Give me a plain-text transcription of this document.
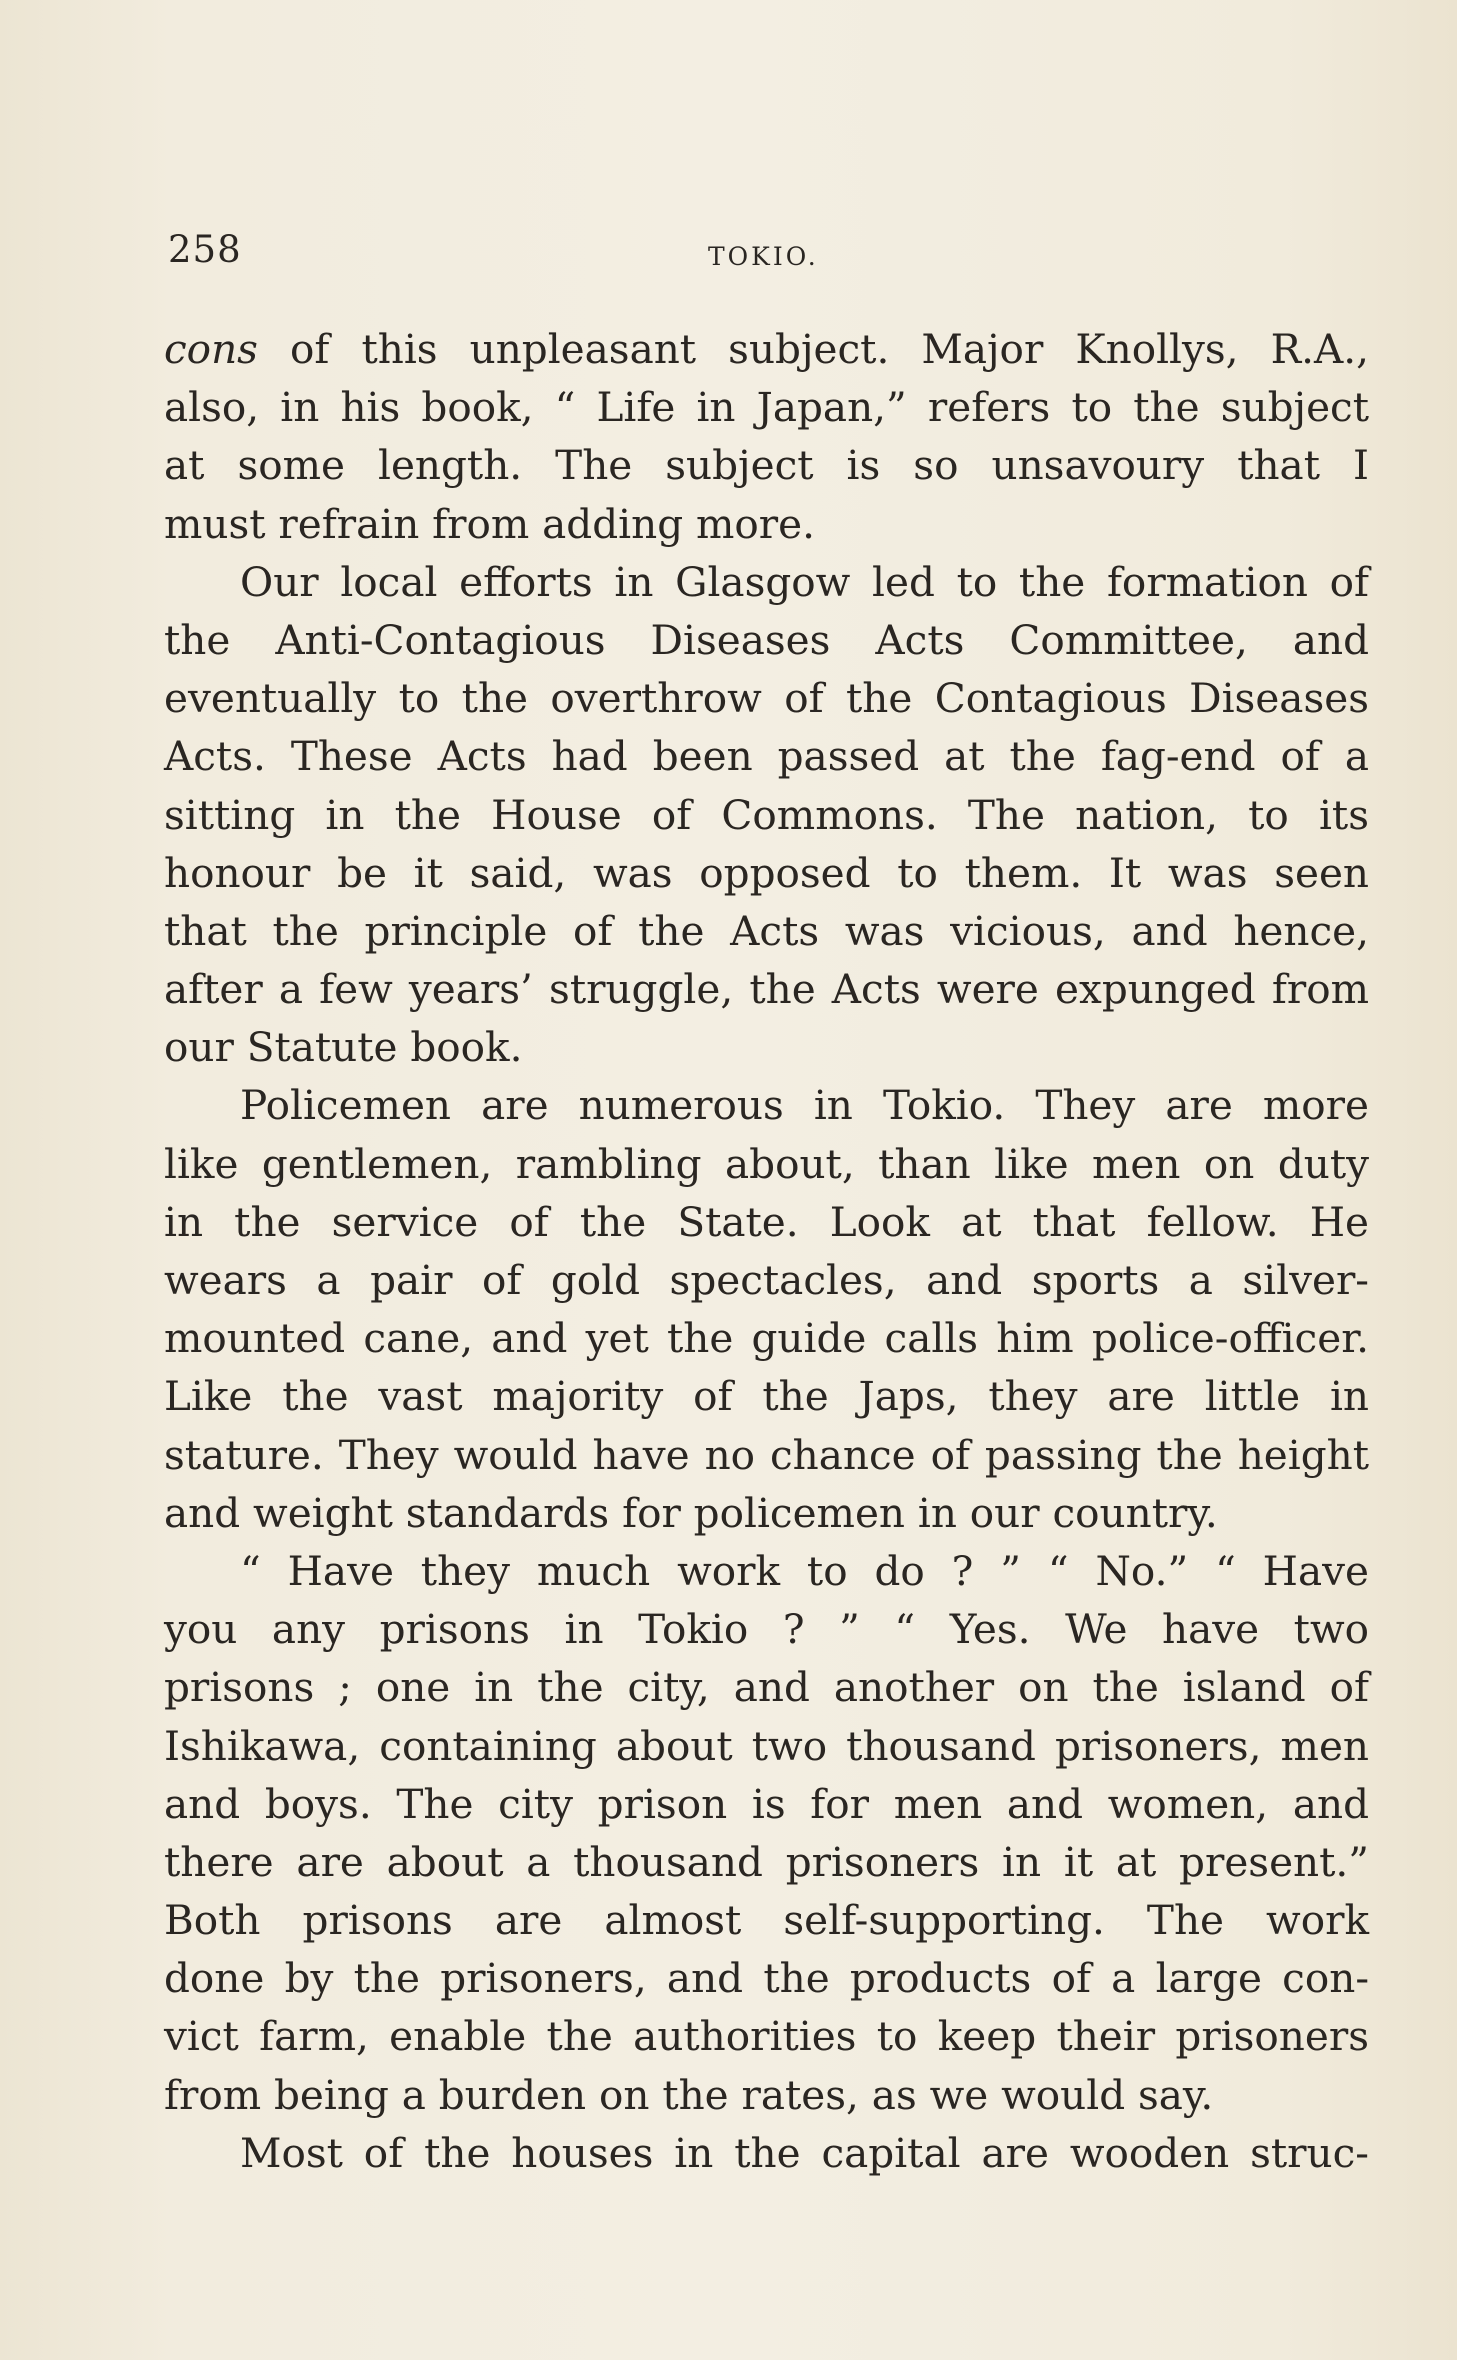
258	TOKIO.
cons of this unpleasant subject. Major Knollys, R.A.,
also, in his book, “ Life in Japan,” refers to the subject
at some length. The subject is so unsavoury that I
must refrain from adding more.
Our local efforts in Glasgow led to the formation of
the Anti-Contagious Diseases Acts Committee, and
eventually to the overthrow of the Contagious Diseases
Acts. These Acts had been passed at the fag-end of a
sitting in the House of Commons. The nation, to its
honour be it said, was opposed to them. It was seen
that the principle of the Acts was vicious, and hence,
after a few years’ struggle, the Acts were expunged from
our Statute book.
Policemen are numerous in Tokio. They are more
like gentlemen, rambling about, than like men on duty
in the service of the State. Look at that fellow. He
wears a pair of gold spectacles, and sports a silver-
mounted cane, and yet the guide calls him police-officer.
Like the vast majority of the Japs, they are little in
stature. They would have no chance of passing the height
and weight standards for policemen in our country.
“ Have they much work to do ? ” “ No.” “ Have
you any prisons in Tokio ? ” “ Yes. We have two
prisons ; one in the city, and another on the island of
Ishikawa, containing about two thousand prisoners, men
and boys. The city prison is for men and women, and
there are about a thousand prisoners in it at present.”
Both prisons are almost self-supporting. The work
done by the prisoners, and the products of a large con-
vict farm, enable the authorities to keep their prisoners
from being a burden on the rates, as we would say.
Most of the houses in the capital are wooden struc-
